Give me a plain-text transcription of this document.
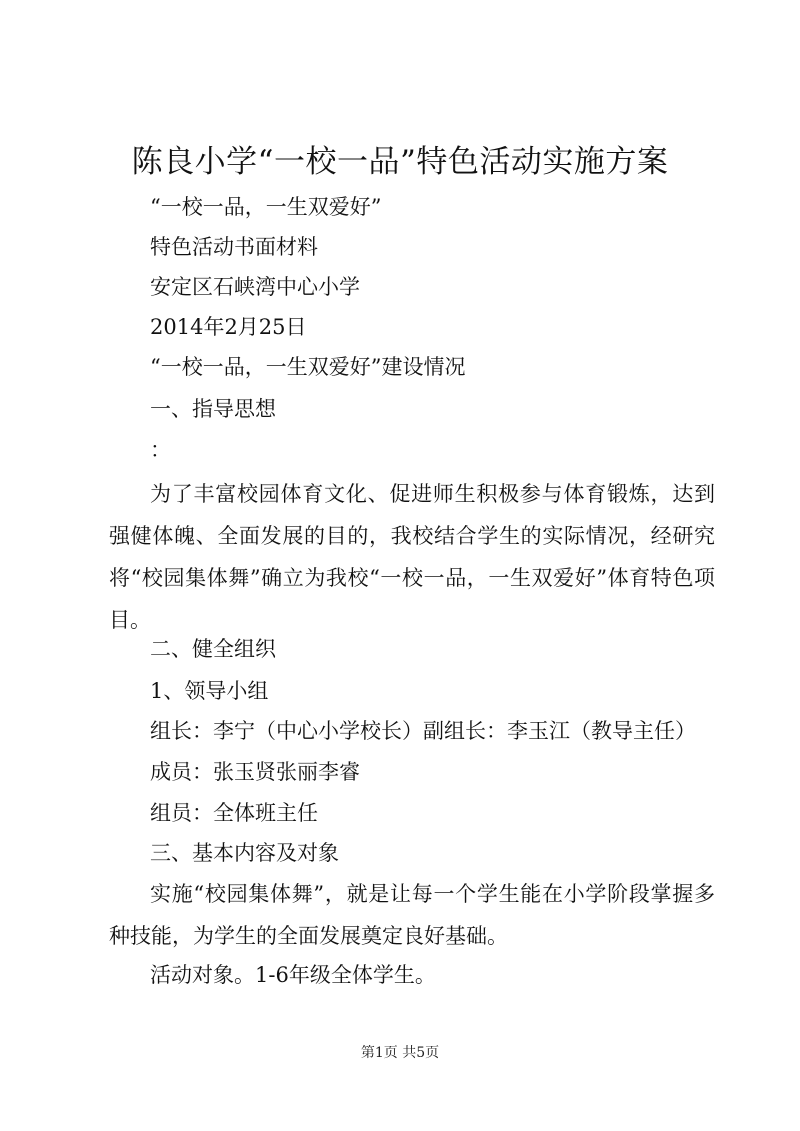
陈良小学“一校一品”特色活动实施方案
“一校一品，一生双爱好”
特色活动书面材料
安定区石峡湾中心小学
2014年2月25日
“一校一品，一生双爱好”建设情况
一、指导思想
：

为了丰富校园体育文化、促进师生积极参与体育锻炼，达到强健体魄、全面发展的目的，我校结合学生的实际情况，经研究将“校园集体舞”确立为我校“一校一品，一生双爱好”体育特色项目。

二、健全组织
1、领导小组
组长：李宁（中心小学校长）副组长：李玉江（教导主任）
成员：张玉贤张丽李睿
组员：全体班主任
三、基本内容及对象

实施“校园集体舞”，就是让每一个学生能在小学阶段掌握多种技能，为学生的全面发展奠定良好基础。

活动对象。1-6年级全体学生。
第1页 共5页
